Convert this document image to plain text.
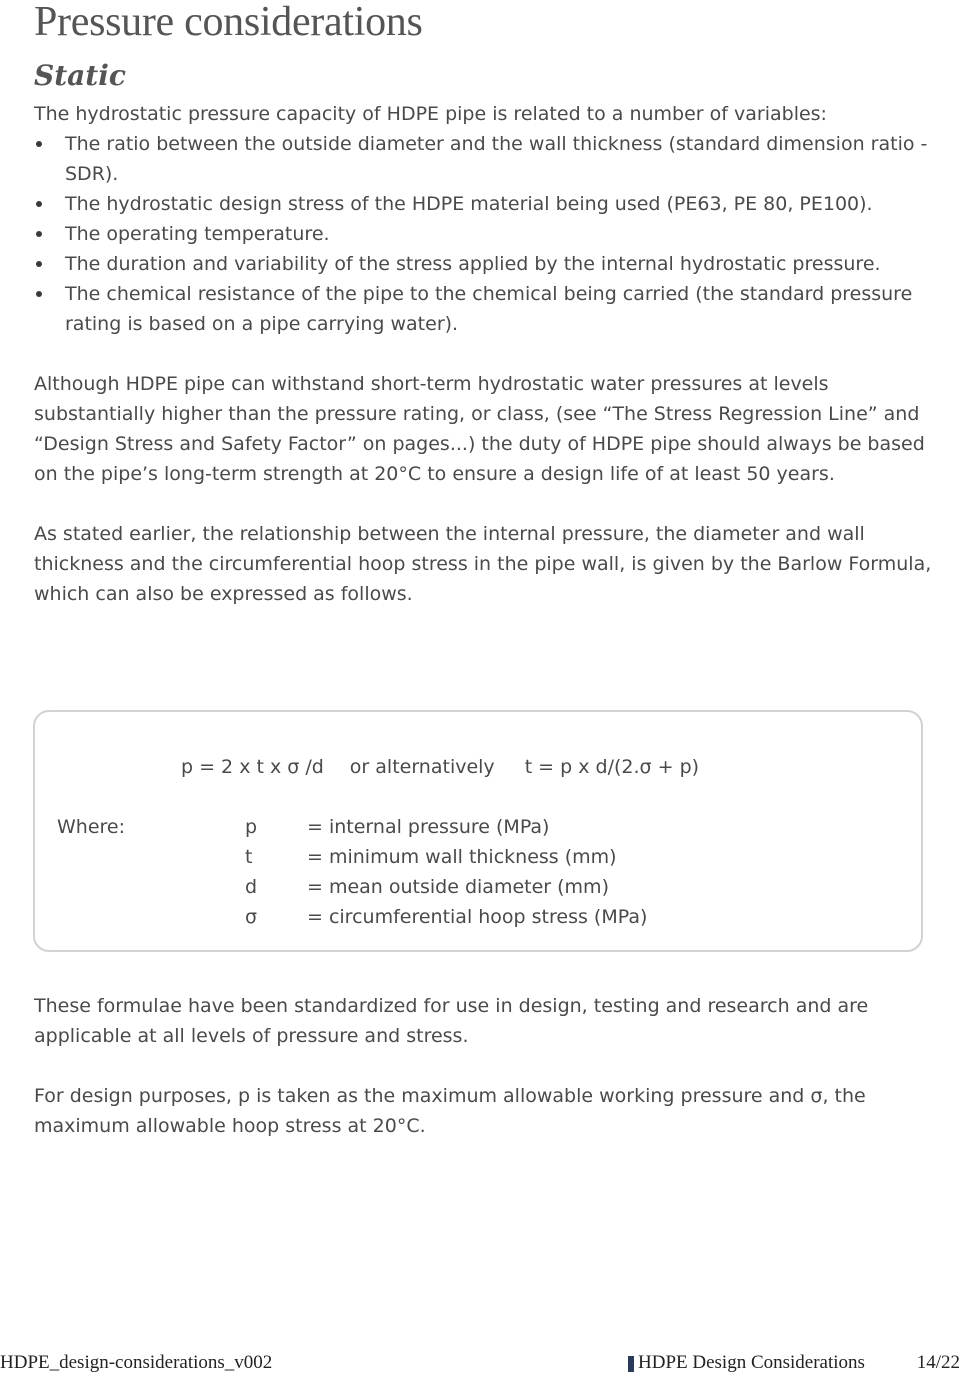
Pressure considerations
Static

The hydrostatic pressure capacity of HDPE pipe is related to a number of variables:

The ratio between the outside diameter and the wall thickness (standard dimension ratio - SDR).
The hydrostatic design stress of the HDPE material being used (PE63, PE 80, PE100).
The operating temperature.
The duration and variability of the stress applied by the internal hydrostatic pressure.
The chemical resistance of the pipe to the chemical being carried (the standard pressure rating is based on a pipe carrying water).

Although HDPE pipe can withstand short-term hydrostatic water pressures at levels substantially higher than the pressure rating, or class, (see “The Stress Regression Line” and “Design Stress and Safety Factor” on pages...) the duty of HDPE pipe should always be based on the pipe’s long-term strength at 20°C to ensure a design life of at least 50 years.

As stated earlier, the relationship between the internal pressure, the diameter and wall thickness and the circumferential hoop stress in the pipe wall, is given by the Barlow Formula, which can also be expressed as follows.

p = 2 x t x σ /d or alternatively t = p x d/(2.σ + p)
Where:	p	= internal pressure (MPa)
t	= minimum wall thickness (mm)
d	= mean outside diameter (mm)
σ	= circumferential hoop stress (MPa)

These formulae have been standardized for use in design, testing and research and are applicable at all levels of pressure and stress.

For design purposes, p is taken as the maximum allowable working pressure and σ, the maximum allowable hoop stress at 20°C.

HDPE_design-considerations_v002	HDPE Design Considerations	14/22
